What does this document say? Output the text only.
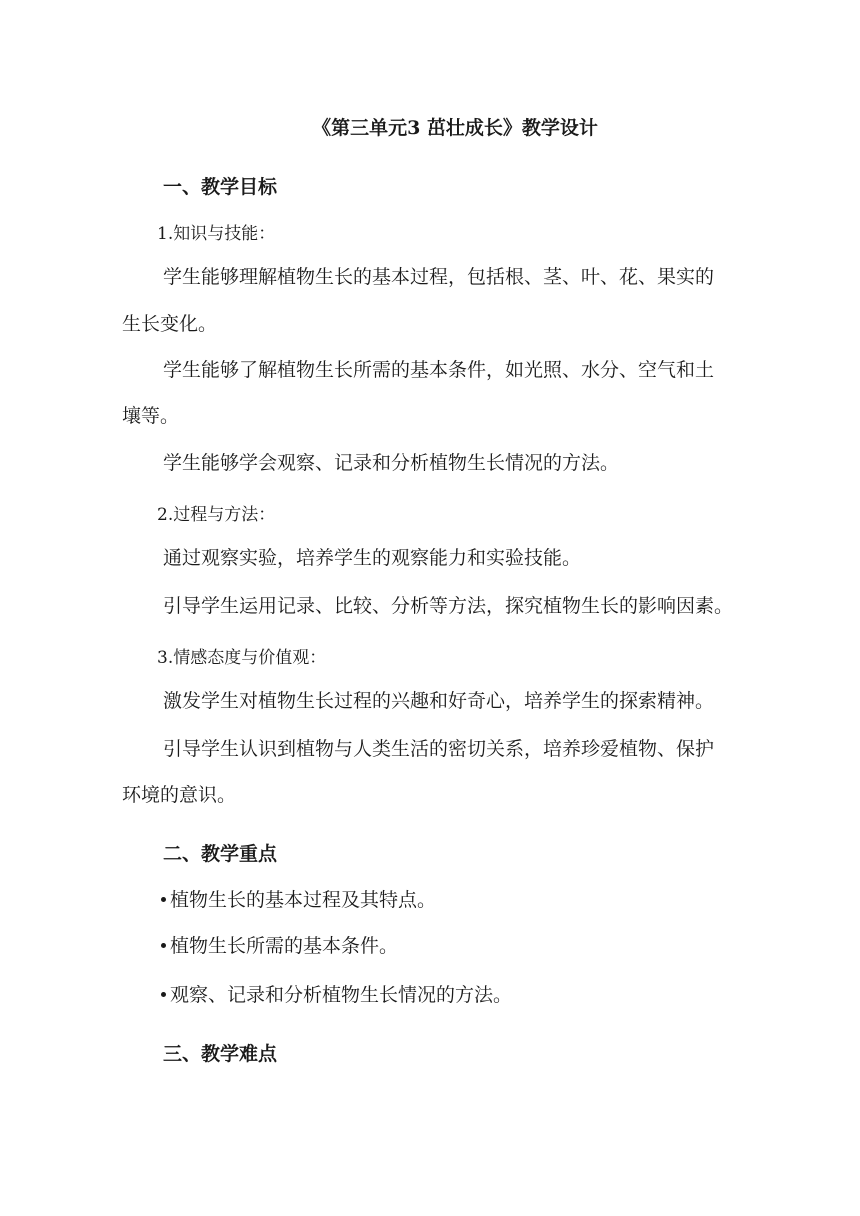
《第三单元3 茁壮成长》教学设计
一、教学目标
1.知识与技能：
学生能够理解植物生长的基本过程，包括根、茎、叶、花、果实的
生长变化。
学生能够了解植物生长所需的基本条件，如光照、水分、空气和土
壤等。
学生能够学会观察、记录和分析植物生长情况的方法。
2.过程与方法：
通过观察实验，培养学生的观察能力和实验技能。
引导学生运用记录、比较、分析等方法，探究植物生长的影响因素。
3.情感态度与价值观：
激发学生对植物生长过程的兴趣和好奇心，培养学生的探索精神。
引导学生认识到植物与人类生活的密切关系，培养珍爱植物、保护
环境的意识。
二、教学重点
植物生长的基本过程及其特点。
植物生长所需的基本条件。
观察、记录和分析植物生长情况的方法。
三、教学难点
